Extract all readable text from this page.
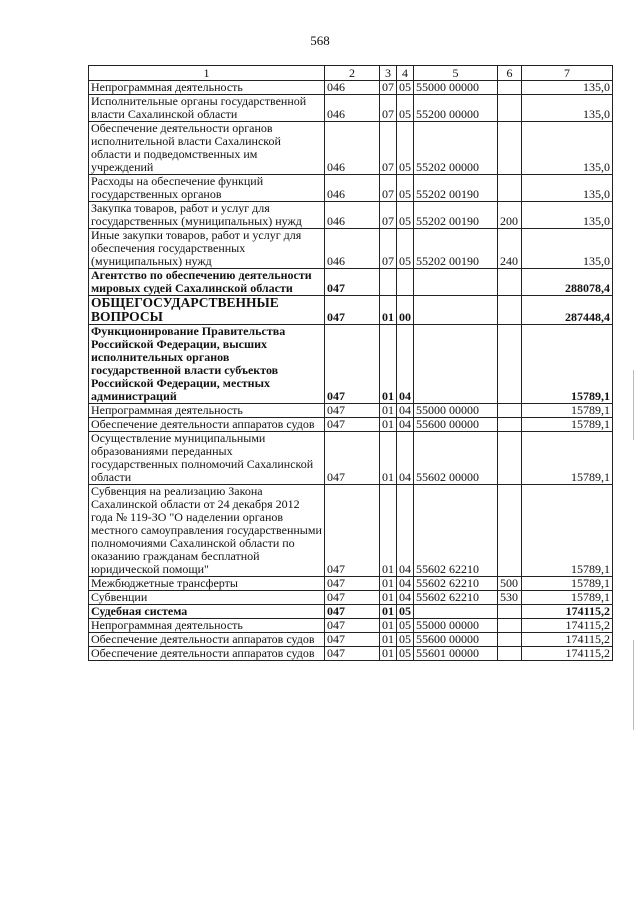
568
1	2	3	4	5	6	7
Непрограммная деятельность	046	07	05	55000 00000		135,0
Исполнительные органы государственной власти Сахалинской области	046	07	05	55200 00000		135,0
Обеспечение деятельности органов исполнительной власти Сахалинской области и подведомственных им учреждений	046	07	05	55202 00000		135,0
Расходы на обеспечение функций государственных органов	046	07	05	55202 00190		135,0
Закупка товаров, работ и услуг для государственных (муниципальных) нужд	046	07	05	55202 00190	200	135,0
Иные закупки товаров, работ и услуг для обеспечения государственных (муниципальных) нужд	046	07	05	55202 00190	240	135,0
Агентство по обеспечению деятельности мировых судей Сахалинской области	047					288078,4
ОБЩЕГОСУДАРСТВЕННЫЕ ВОПРОСЫ	047	01	00			287448,4
Функционирование Правительства Российской Федерации, высших исполнительных органов государственной власти субъектов Российской Федерации, местных администраций	047	01	04			15789,1
Непрограммная деятельность	047	01	04	55000 00000		15789,1
Обеспечение деятельности аппаратов судов	047	01	04	55600 00000		15789,1
Осуществление муниципальными образованиями переданных государственных полномочий Сахалинской области	047	01	04	55602 00000		15789,1
Субвенция на реализацию Закона Сахалинской области от 24 декабря 2012 года № 119-ЗО "О наделении органов местного самоуправления государственными полномочиями Сахалинской области по оказанию гражданам бесплатной юридической помощи"	047	01	04	55602 62210		15789,1
Межбюджетные трансферты	047	01	04	55602 62210	500	15789,1
Субвенции	047	01	04	55602 62210	530	15789,1
Судебная система	047	01	05			174115,2
Непрограммная деятельность	047	01	05	55000 00000		174115,2
Обеспечение деятельности аппаратов судов	047	01	05	55600 00000		174115,2
Обеспечение деятельности аппаратов судов	047	01	05	55601 00000		174115,2
